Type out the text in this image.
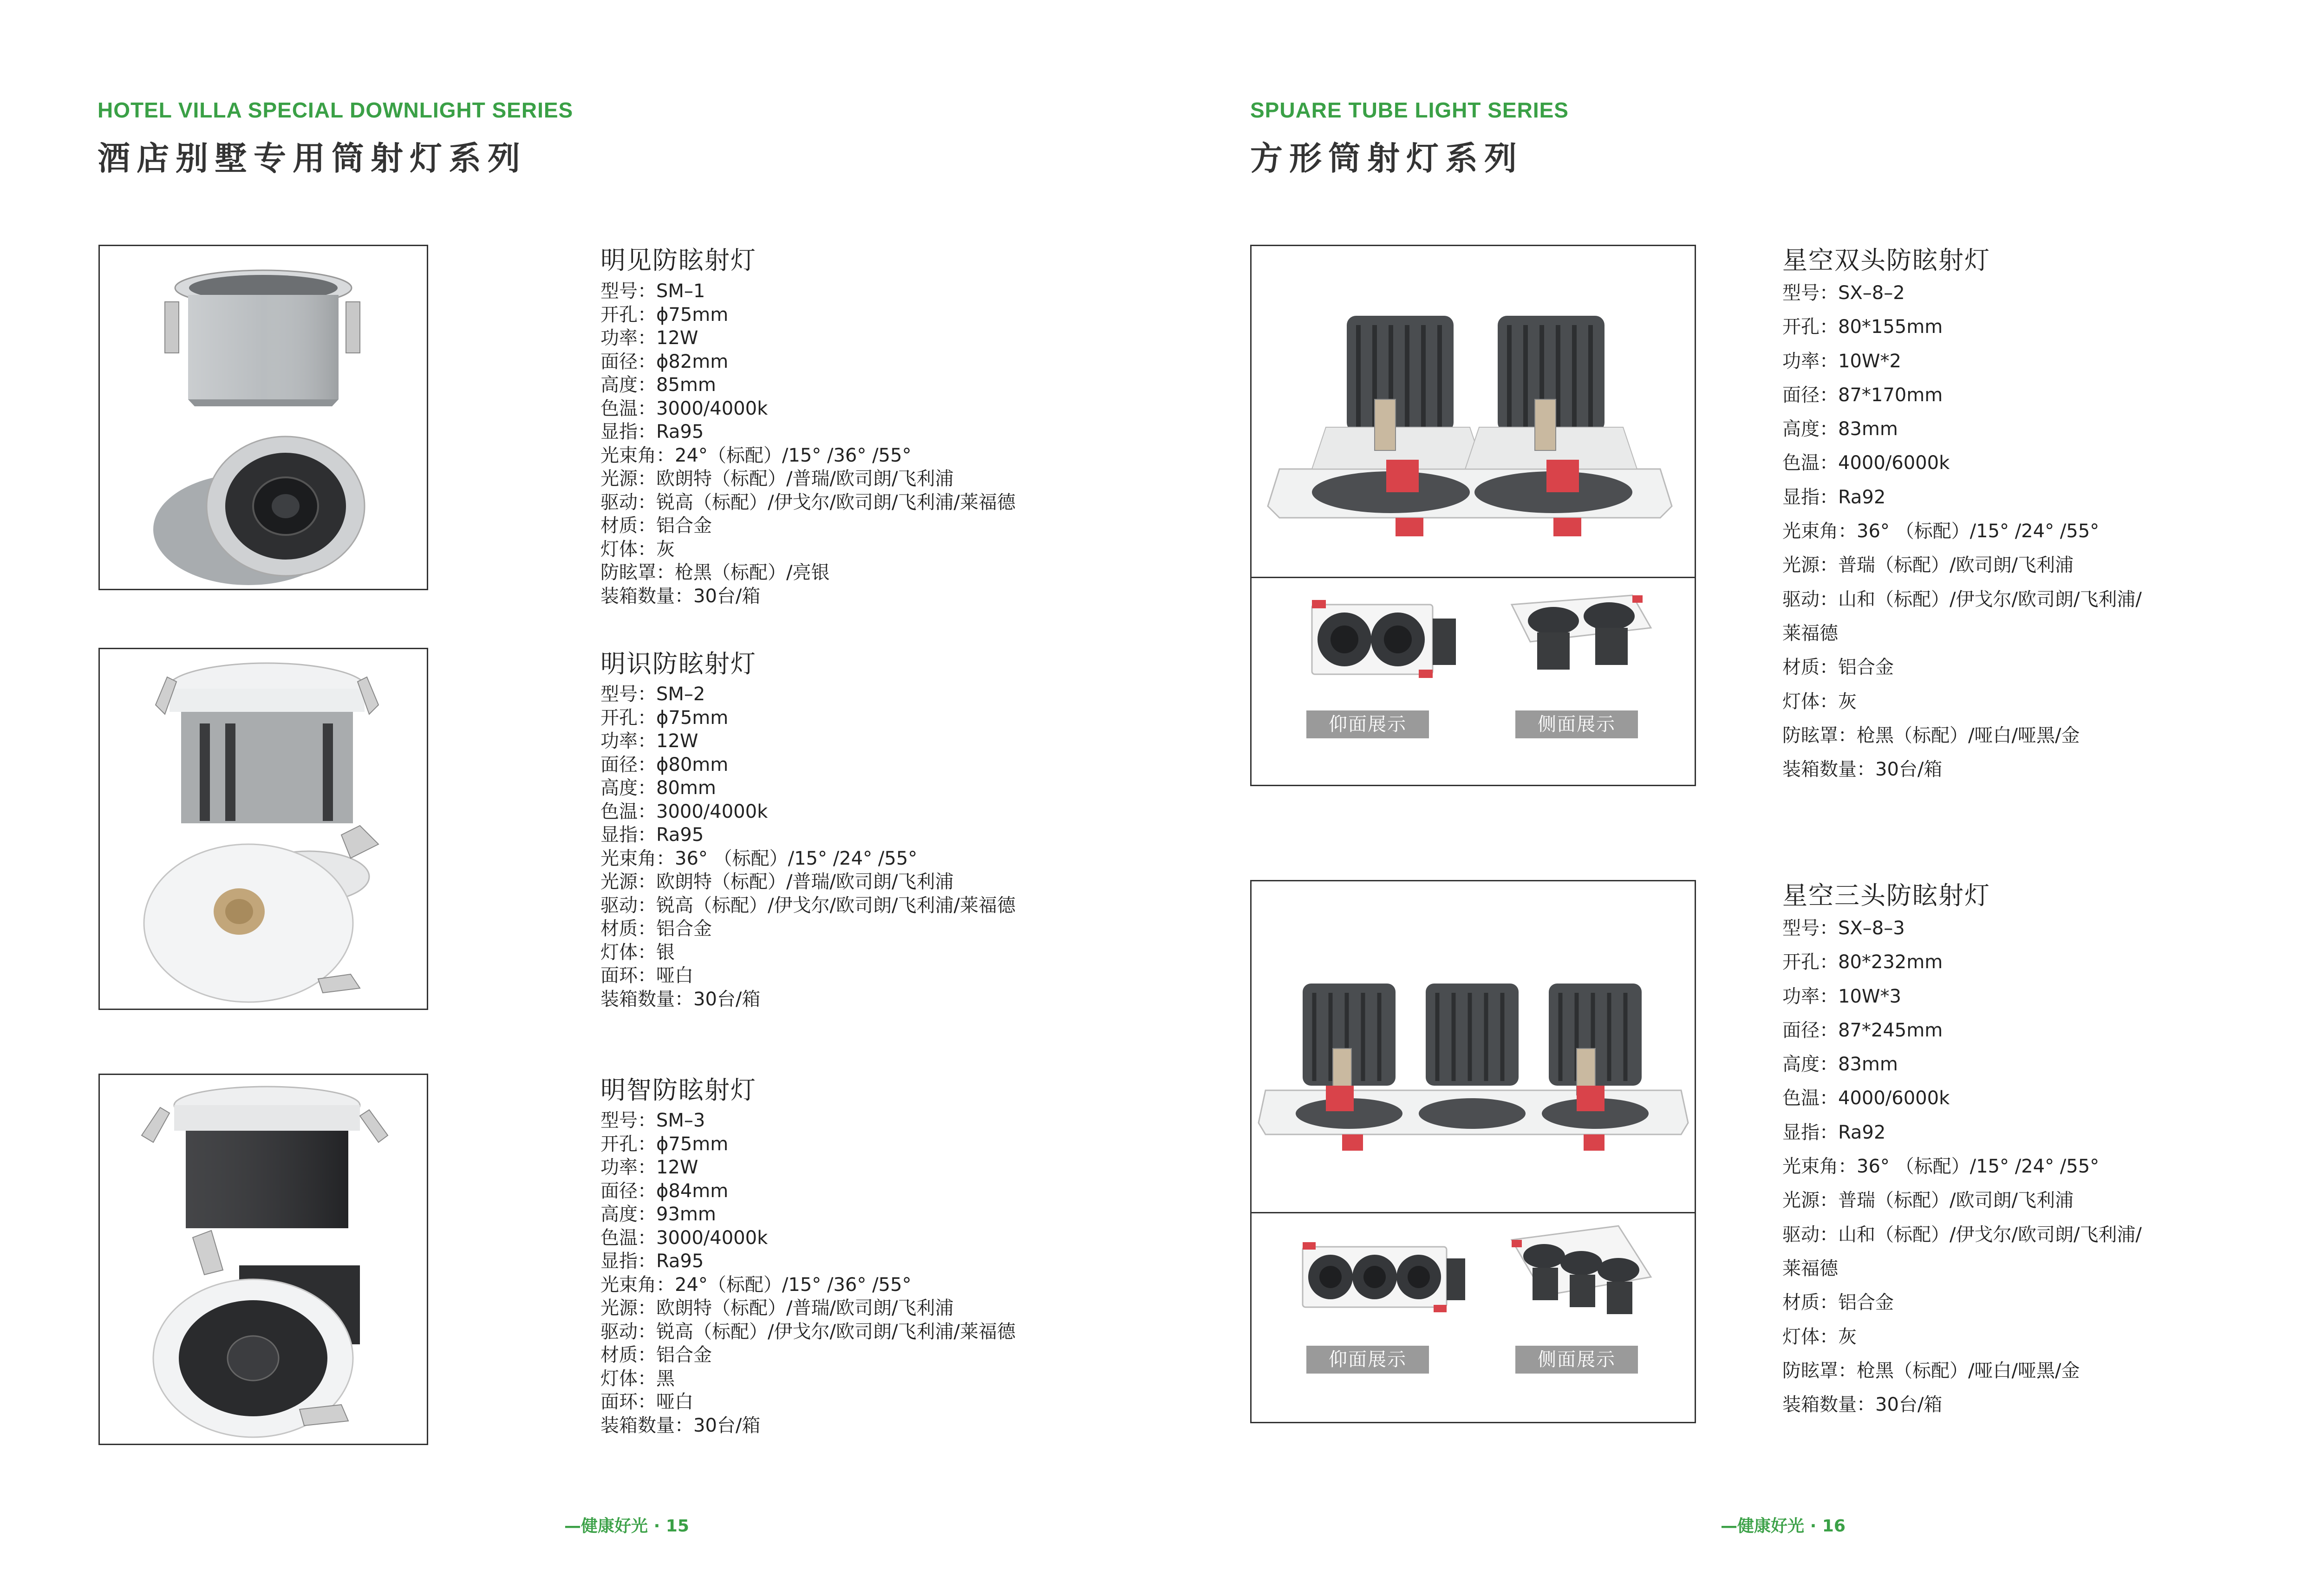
HOTEL VILLA SPECIAL DOWNLIGHT SERIES
酒店别墅专用筒射灯系列
明见防眩射灯
型号：SM–1
开孔：ϕ75mm
功率：12W
面径：ϕ82mm
高度：85mm
色温：3000/4000k
显指：Ra95
光束角：24°（标配）/15° /36° /55°
光源：欧朗特（标配）/普瑞/欧司朗/飞利浦
驱动：锐高（标配）/伊戈尔/欧司朗/飞利浦/莱福德
材质：铝合金
灯体：灰
防眩罩：枪黑（标配）/亮银
装箱数量：30台/箱
明识防眩射灯
型号：SM–2
开孔：ϕ75mm
功率：12W
面径：ϕ80mm
高度：80mm
色温：3000/4000k
显指：Ra95
光束角：36° （标配）/15° /24° /55°
光源：欧朗特（标配）/普瑞/欧司朗/飞利浦
驱动：锐高（标配）/伊戈尔/欧司朗/飞利浦/莱福德
材质：铝合金
灯体：银
面环：哑白
装箱数量：30台/箱
明智防眩射灯
型号：SM–3
开孔：ϕ75mm
功率：12W
面径：ϕ84mm
高度：93mm
色温：3000/4000k
显指：Ra95
光束角：24°（标配）/15° /36° /55°
光源：欧朗特（标配）/普瑞/欧司朗/飞利浦
驱动：锐高（标配）/伊戈尔/欧司朗/飞利浦/莱福德
材质：铝合金
灯体：黑
面环：哑白
装箱数量：30台/箱
—健康好光 · 15
SPUARE TUBE LIGHT SERIES
方形筒射灯系列
仰面展示	侧面展示
星空双头防眩射灯
型号：SX–8–2
开孔：80*155mm
功率：10W*2
面径：87*170mm
高度：83mm
色温：4000/6000k
显指：Ra92
光束角：36° （标配）/15° /24° /55°
光源：普瑞（标配）/欧司朗/飞利浦
驱动：山和（标配）/伊戈尔/欧司朗/飞利浦/
莱福德
材质：铝合金
灯体：灰
防眩罩：枪黑（标配）/哑白/哑黑/金
装箱数量：30台/箱
仰面展示	侧面展示
星空三头防眩射灯
型号：SX–8–3
开孔：80*232mm
功率：10W*3
面径：87*245mm
高度：83mm
色温：4000/6000k
显指：Ra92
光束角：36° （标配）/15° /24° /55°
光源：普瑞（标配）/欧司朗/飞利浦
驱动：山和（标配）/伊戈尔/欧司朗/飞利浦/
莱福德
材质：铝合金
灯体：灰
防眩罩：枪黑（标配）/哑白/哑黑/金
装箱数量：30台/箱
—健康好光 · 16
